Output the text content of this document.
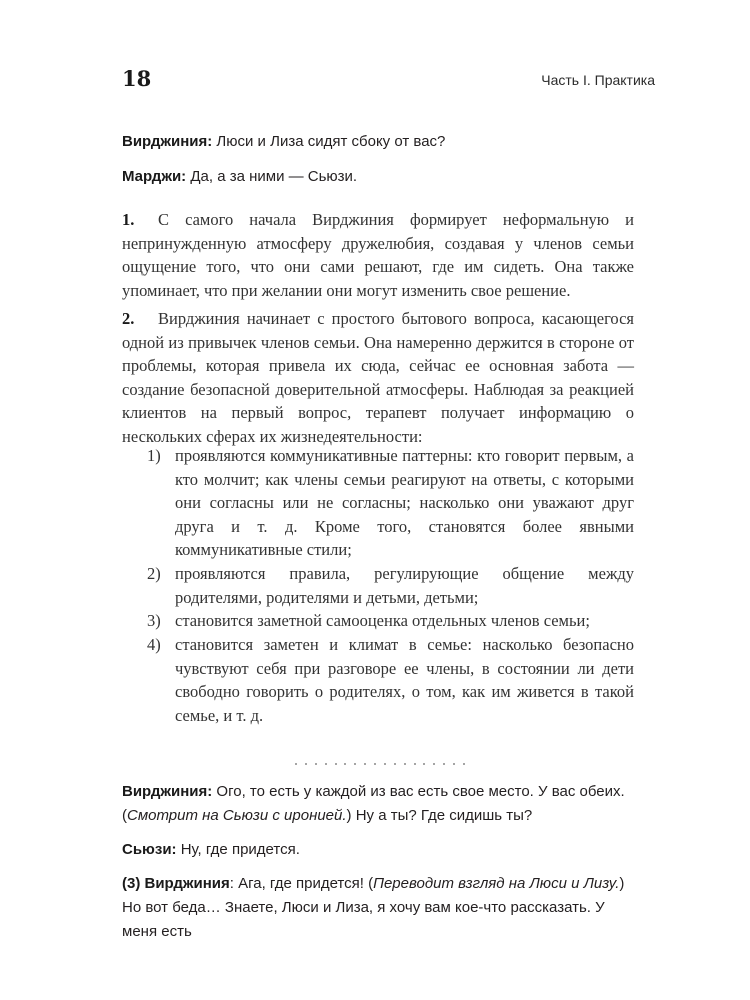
18	Часть I. Практика

Вирджиния: Люси и Лиза сидят сбоку от вас?

Марджи: Да, а за ними — Сьюзи.

1. С самого начала Вирджиния формирует неформальную и непринужденную атмосферу дружелюбия, создавая у членов семьи ощущение того, что они сами решают, где им сидеть. Она также упоминает, что при желании они могут изменить свое решение.

2. Вирджиния начинает с простого бытового вопроса, касающегося одной из привычек членов семьи. Она намеренно держится в стороне от проблемы, которая привела их сюда, сейчас ее основная забота — создание безопасной доверительной атмосферы. Наблюдая за реакцией клиентов на первый вопрос, терапевт получает информацию о нескольких сферах их жизнедеятельности:

1) проявляются коммуникативные паттерны: кто говорит первым, а кто молчит; как члены семьи реагируют на ответы, с которыми они согласны или не согласны; насколько они уважают друг друга и т. д. Кроме того, становятся более явными коммуникативные стили;
2) проявляются правила, регулирующие общение между родителями, родителями и детьми, детьми;
3) становится заметной самооценка отдельных членов семьи;
4) становится заметен и климат в семье: насколько безопасно чувствуют себя при разговоре ее члены, в состоянии ли дети свободно говорить о родителях, о том, как им живется в такой семье, и т. д.

Вирджиния: Ого, то есть у каждой из вас есть свое место. У вас обеих. (Смотрит на Сьюзи с иронией.) Ну а ты? Где сидишь ты?

Сьюзи: Ну, где придется.

(3) Вирджиния: Ага, где придется! (Переводит взгляд на Люси и Лизу.) Но вот беда… Знаете, Люси и Лиза, я хочу вам кое-что рассказать. У меня есть
